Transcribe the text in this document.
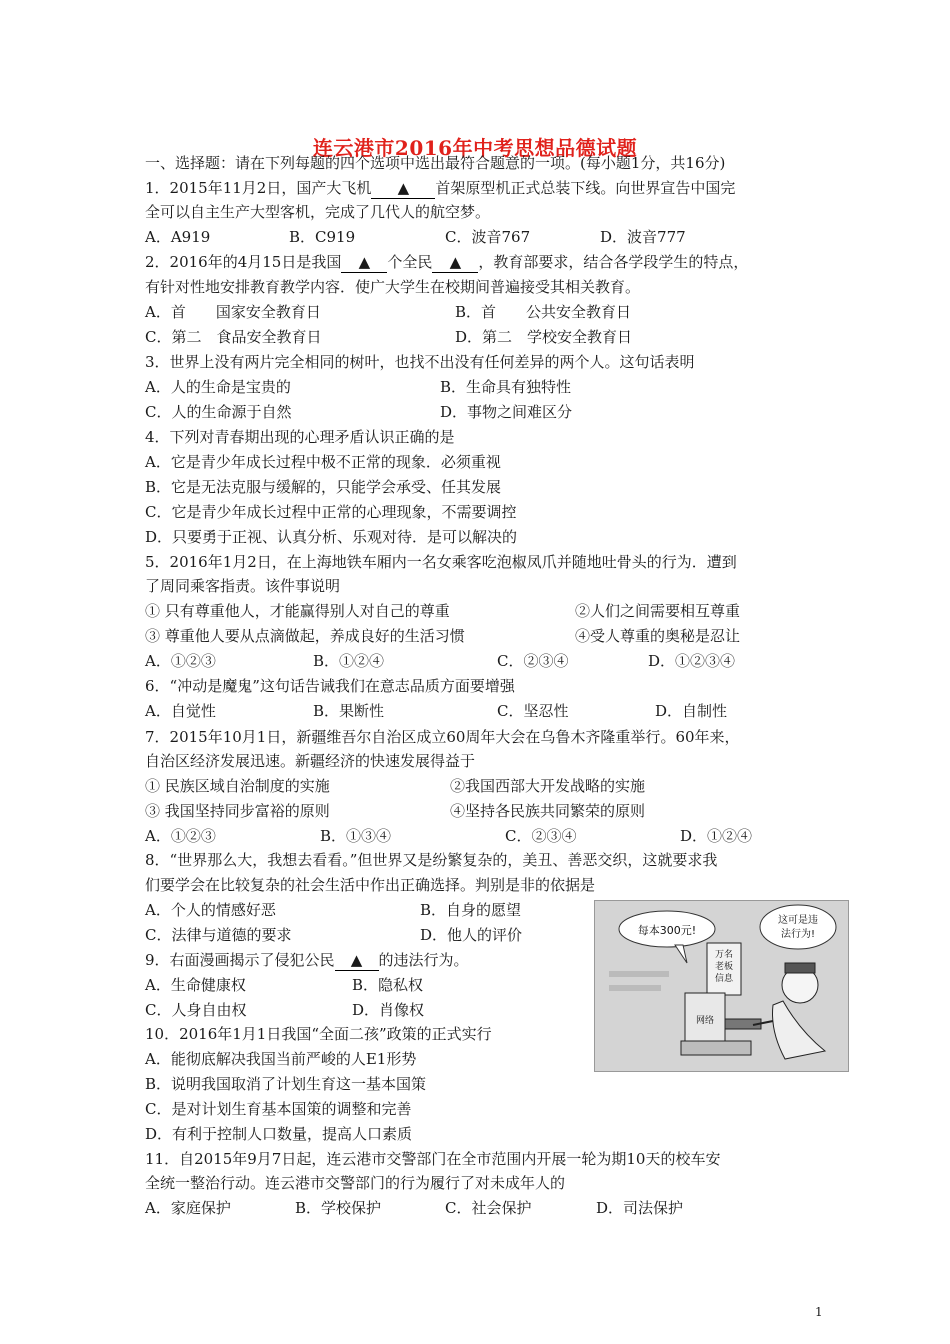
连云港市2016年中考思想品德试题
一、选择题：请在下列每题的四个选项中选出最符合题意的一项。(每小题1分，共16分)
1．2015年11月2日，国产大飞机 ▲ 首架原型机正式总装下线。向世界宣告中国完
全可以自主生产大型客机，完成了几代人的航空梦。
A．A919	B．C919	C．波音767	D．波音777
2．2016年的4月15日是我国 ▲ 个全民 ▲ ，教育部要求，结合各学段学生的特点，
有针对性地安排教育教学内容．使广大学生在校期间普遍接受其相关教育。
A．首　　国家安全教育日	B．首　　公共安全教育日
C．第二　食品安全教育日	D．第二　学校安全教育日
3．世界上没有两片完全相同的树叶，也找不出没有任何差异的两个人。这句话表明
A．人的生命是宝贵的	B．生命具有独特性
C．人的生命源于自然	D．事物之间难区分
4．下列对青春期出现的心理矛盾认识正确的是
A．它是青少年成长过程中极不正常的现象．必须重视
B．它是无法克服与缓解的，只能学会承受、任其发展
C．它是青少年成长过程中正常的心理现象，不需要调控
D．只要勇于正视、认真分析、乐观对待．是可以解决的
5．2016年1月2日，在上海地铁车厢内一名女乘客吃泡椒凤爪并随地吐骨头的行为．遭到
了周同乘客指责。该件事说明
① 只有尊重他人，才能赢得别人对自己的尊重	②人们之间需要相互尊重
③ 尊重他人要从点滴做起，养成良好的生活习惯	④受人尊重的奥秘是忍让
A．①②③	B．①②④	C．②③④	D．①②③④
6．“冲动是魔鬼”这句话告诫我们在意志品质方面要增强
A．自觉性	B．果断性	C．坚忍性	D．自制性
7．2015年10月1日，新疆维吾尔自治区成立60周年大会在乌鲁木齐隆重举行。60年来，
自治区经济发展迅速。新疆经济的快速发展得益于
① 民族区域自治制度的实施	②我国西部大开发战略的实施
③ 我国坚持同步富裕的原则	④坚持各民族共同繁荣的原则
A．①②③	B．①③④	C．②③④	D．①②④
8．“世界那么大，我想去看看。”但世界又是纷繁复杂的，美丑、善恶交织，这就要求我
们要学会在比较复杂的社会生活中作出正确选择。判别是非的依据是
A．个人的情感好恶	B．自身的愿望
C．法律与道德的要求	D．他人的评价
9．右面漫画揭示了侵犯公民 ▲ 的违法行为。
A．生命健康权	B．隐私权
C．人身自由权	D．肖像权
10．2016年1月1日我国“全面二孩”政策的正式实行
A．能彻底解决我国当前严峻的人E1形势
B．说明我国取消了计划生育这一基本国策
C．是对计划生育基本国策的调整和完善
D．有利于控制人口数量，提高人口素质
11．自2015年9月7日起，连云港市交警部门在全市范围内开展一轮为期10天的校车安
全统一整治行动。连云港市交警部门的行为履行了对未成年人的
A．家庭保护	B．学校保护	C．社会保护	D．司法保护
每本300元!
这可是违
法行为!
万名
老板
信息
网络
1
